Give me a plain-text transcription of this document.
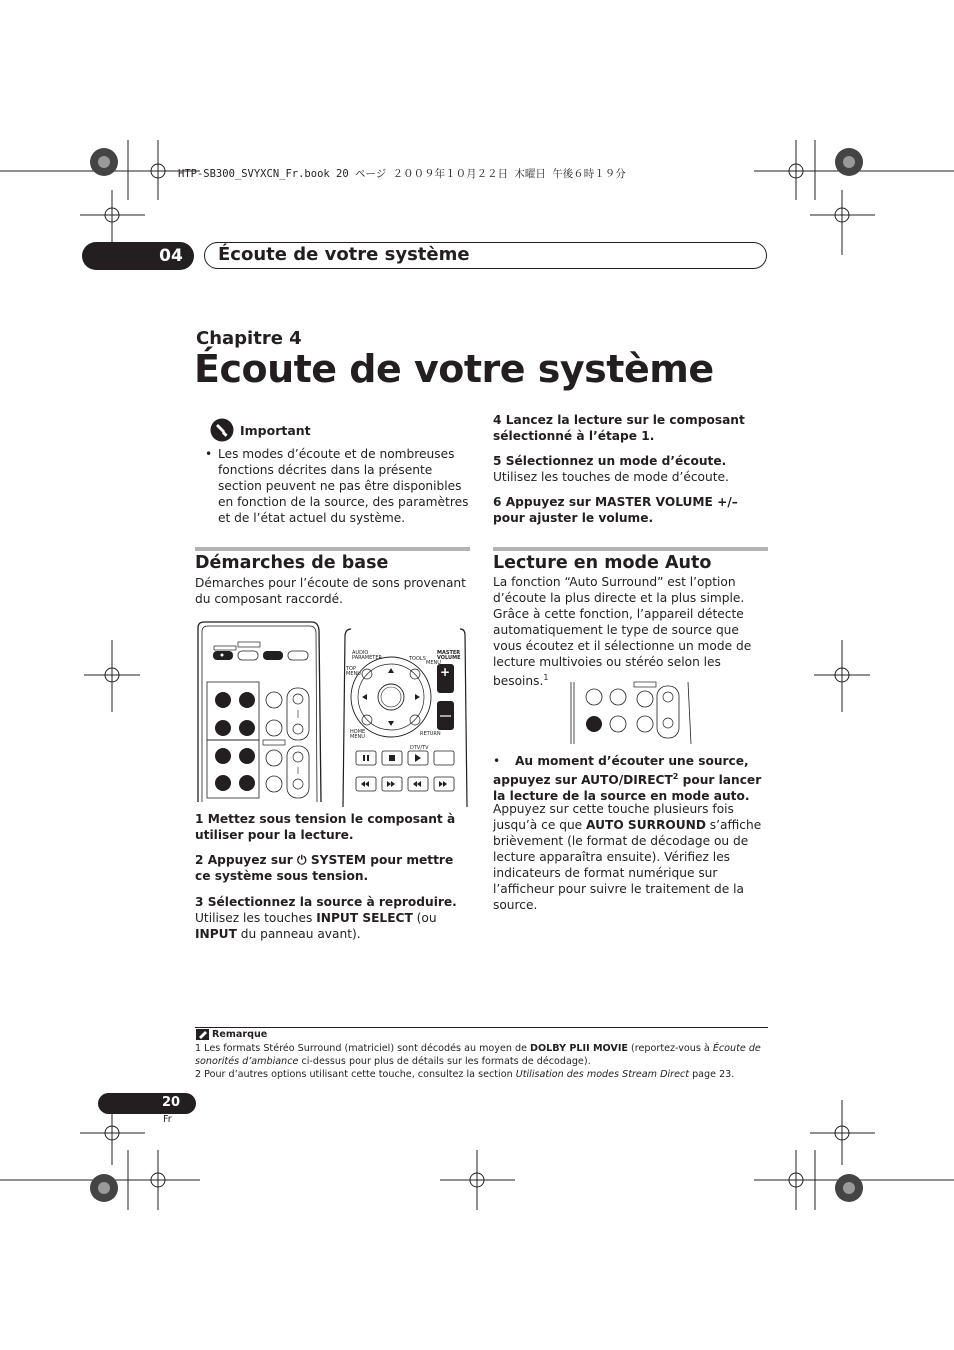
HTP-SB300_SVYXCN_Fr.book 20 ページ ２００９年１０月２２日 木曜日 午後６時１９分
04	Écoute de votre système
Chapitre 4
Écoute de votre système
Important
• Les modes d’écoute et de nombreuses fonctions décrites dans la présente section peuvent ne pas être disponibles en fonction de la source, des paramètres et de l’état actuel du système.
Démarches de base
Démarches pour l’écoute de sons provenant du composant raccordé.
AUDIO PARAMETER	TOOLS
MENU
TOP MENU
MASTER VOLUME
+
HOME MENU	RETURN
DTV/TV
1 Mettez sous tension le composant à utiliser pour la lecture.
2 Appuyez sur ⏻ SYSTEM pour mettre ce système sous tension.
3 Sélectionnez la source à reproduire.
Utilisez les touches INPUT SELECT (ou INPUT du panneau avant).
4 Lancez la lecture sur le composant sélectionné à l’étape 1.
5 Sélectionnez un mode d’écoute.
Utilisez les touches de mode d’écoute.
6 Appuyez sur MASTER VOLUME +/– pour ajuster le volume.
Lecture en mode Auto
La fonction “Auto Surround” est l’option d’écoute la plus directe et la plus simple. Grâce à cette fonction, l’appareil détecte automatiquement le type de source que vous écoutez et il sélectionne un mode de lecture multivoies ou stéréo selon les besoins.$^1$
•	Au moment d’écouter une source, appuyez sur AUTO/DIRECT$^2$ pour lancer la lecture de la source en mode auto.
Appuyez sur cette touche plusieurs fois jusqu’à ce que AUTO SURROUND s’affiche brièvement (le format de décodage ou de lecture apparaîtra ensuite). Vérifiez les indicateurs de format numérique sur l’afficheur pour suivre le traitement de la source.
Remarque
1 Les formats Stéréo Surround (matriciel) sont décodés au moyen de DOLBY PLII MOVIE (reportez-vous à Écoute de sonorités d’ambiance ci-dessus pour plus de détails sur les formats de décodage).
2 Pour d’autres options utilisant cette touche, consultez la section Utilisation des modes Stream Direct page 23.
20
Fr
